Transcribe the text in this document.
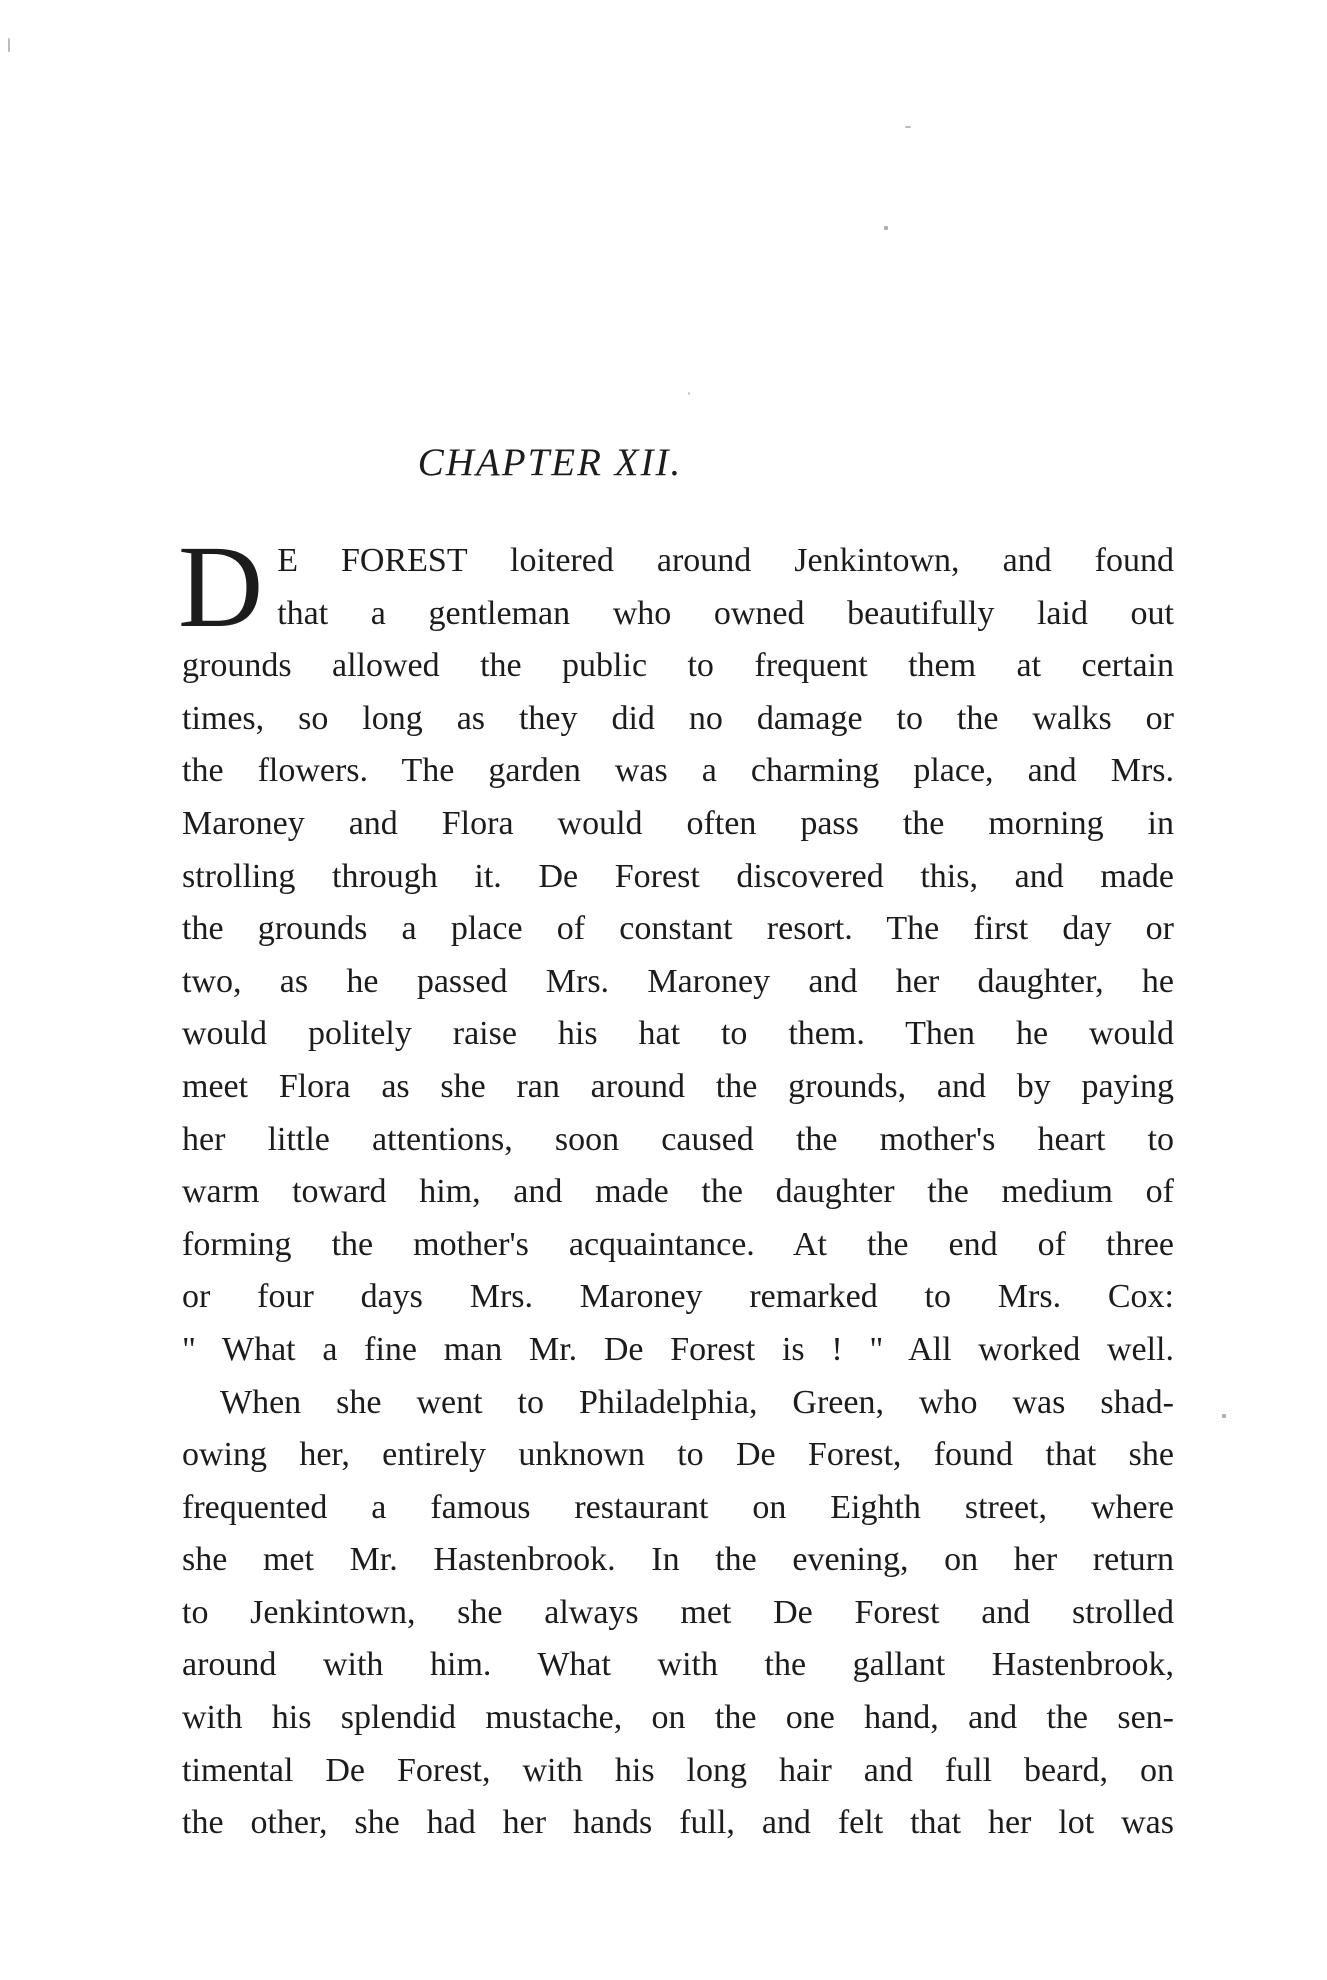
CHAPTER XII.
D E FOREST loitered around Jenkintown, and found
that a gentleman who owned beautifully laid out
grounds allowed the public to frequent them at certain
times, so long as they did no damage to the walks or
the flowers. The garden was a charming place, and Mrs.
Maroney and Flora would often pass the morning in
strolling through it. De Forest discovered this, and made
the grounds a place of constant resort. The first day or
two, as he passed Mrs. Maroney and her daughter, he
would politely raise his hat to them. Then he would
meet Flora as she ran around the grounds, and by paying
her little attentions, soon caused the mother's heart to
warm toward him, and made the daughter the medium of
forming the mother's acquaintance. At the end of three
or four days Mrs. Maroney remarked to Mrs. Cox:
" What a fine man Mr. De Forest is ! " All worked well.
When she went to Philadelphia, Green, who was shad-
owing her, entirely unknown to De Forest, found that she
frequented a famous restaurant on Eighth street, where
she met Mr. Hastenbrook. In the evening, on her return
to Jenkintown, she always met De Forest and strolled
around with him. What with the gallant Hastenbrook,
with his splendid mustache, on the one hand, and the sen-
timental De Forest, with his long hair and full beard, on
the other, she had her hands full, and felt that her lot was
